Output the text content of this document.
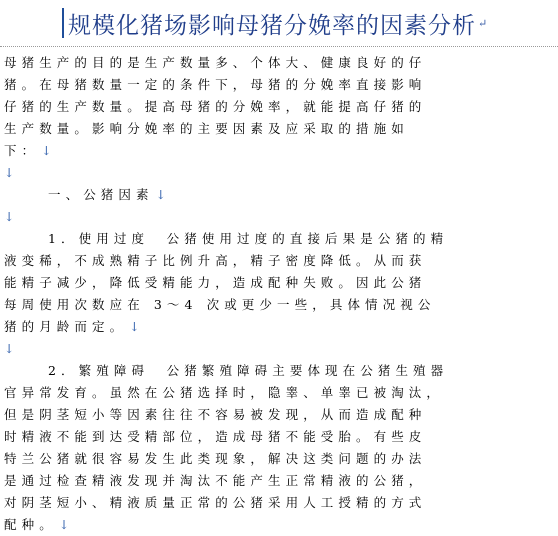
规模化猪场影响母猪分娩率的因素分析 ↵
母猪生产的目的是生产数量多、个体大、健康良好的仔
猪。在母猪数量一定的条件下，母猪的分娩率直接影响
仔猪的生产数量。提高母猪的分娩率，就能提高仔猪的
生产数量。影响分娩率的主要因素及应采取的措施如
下： ↓
↓
一、公猪因素 ↓
↓
1．使用过度　公猪使用过度的直接后果是公猪的精
液变稀，不成熟精子比例升高，精子密度降低。从而获
能精子减少，降低受精能力，造成配种失败。因此公猪
每周使用次数应在 3～4 次或更少一些，具体情况视公
猪的月龄而定。 ↓
↓
2．繁殖障碍　公猪繁殖障碍主要体现在公猪生殖器
官异常发育。虽然在公猪选择时，隐睾、单睾已被淘汰，
但是阴茎短小等因素往往不容易被发现，从而造成配种
时精液不能到达受精部位，造成母猪不能受胎。有些皮
特兰公猪就很容易发生此类现象，解决这类问题的办法
是通过检查精液发现并淘汰不能产生正常精液的公猪，
对阴茎短小、精液质量正常的公猪采用人工授精的方式
配种。 ↓
